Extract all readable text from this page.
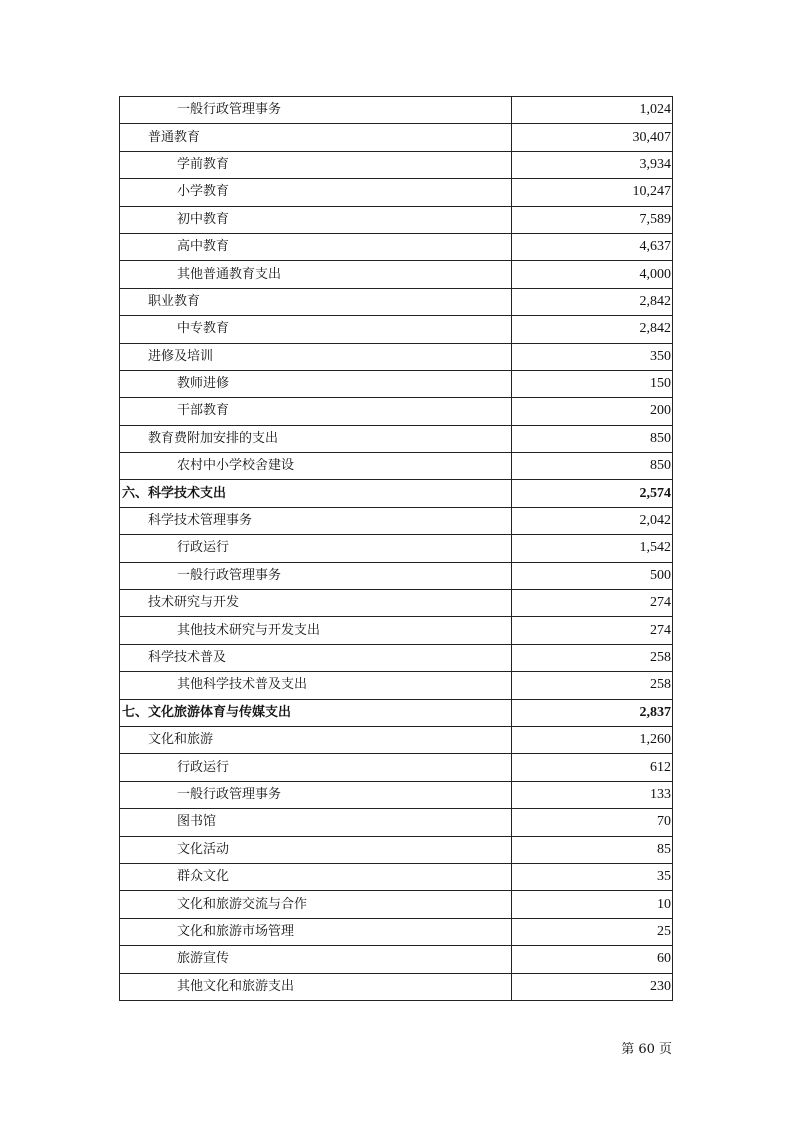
一般行政管理事务	1,024
普通教育	30,407
学前教育	3,934
小学教育	10,247
初中教育	7,589
高中教育	4,637
其他普通教育支出	4,000
职业教育	2,842
中专教育	2,842
进修及培训	350
教师进修	150
干部教育	200
教育费附加安排的支出	850
农村中小学校舍建设	850
六、科学技术支出	2,574
科学技术管理事务	2,042
行政运行	1,542
一般行政管理事务	500
技术研究与开发	274
其他技术研究与开发支出	274
科学技术普及	258
其他科学技术普及支出	258
七、文化旅游体育与传媒支出	2,837
文化和旅游	1,260
行政运行	612
一般行政管理事务	133
图书馆	70
文化活动	85
群众文化	35
文化和旅游交流与合作	10
文化和旅游市场管理	25
旅游宣传	60
其他文化和旅游支出	230
第 60 页
